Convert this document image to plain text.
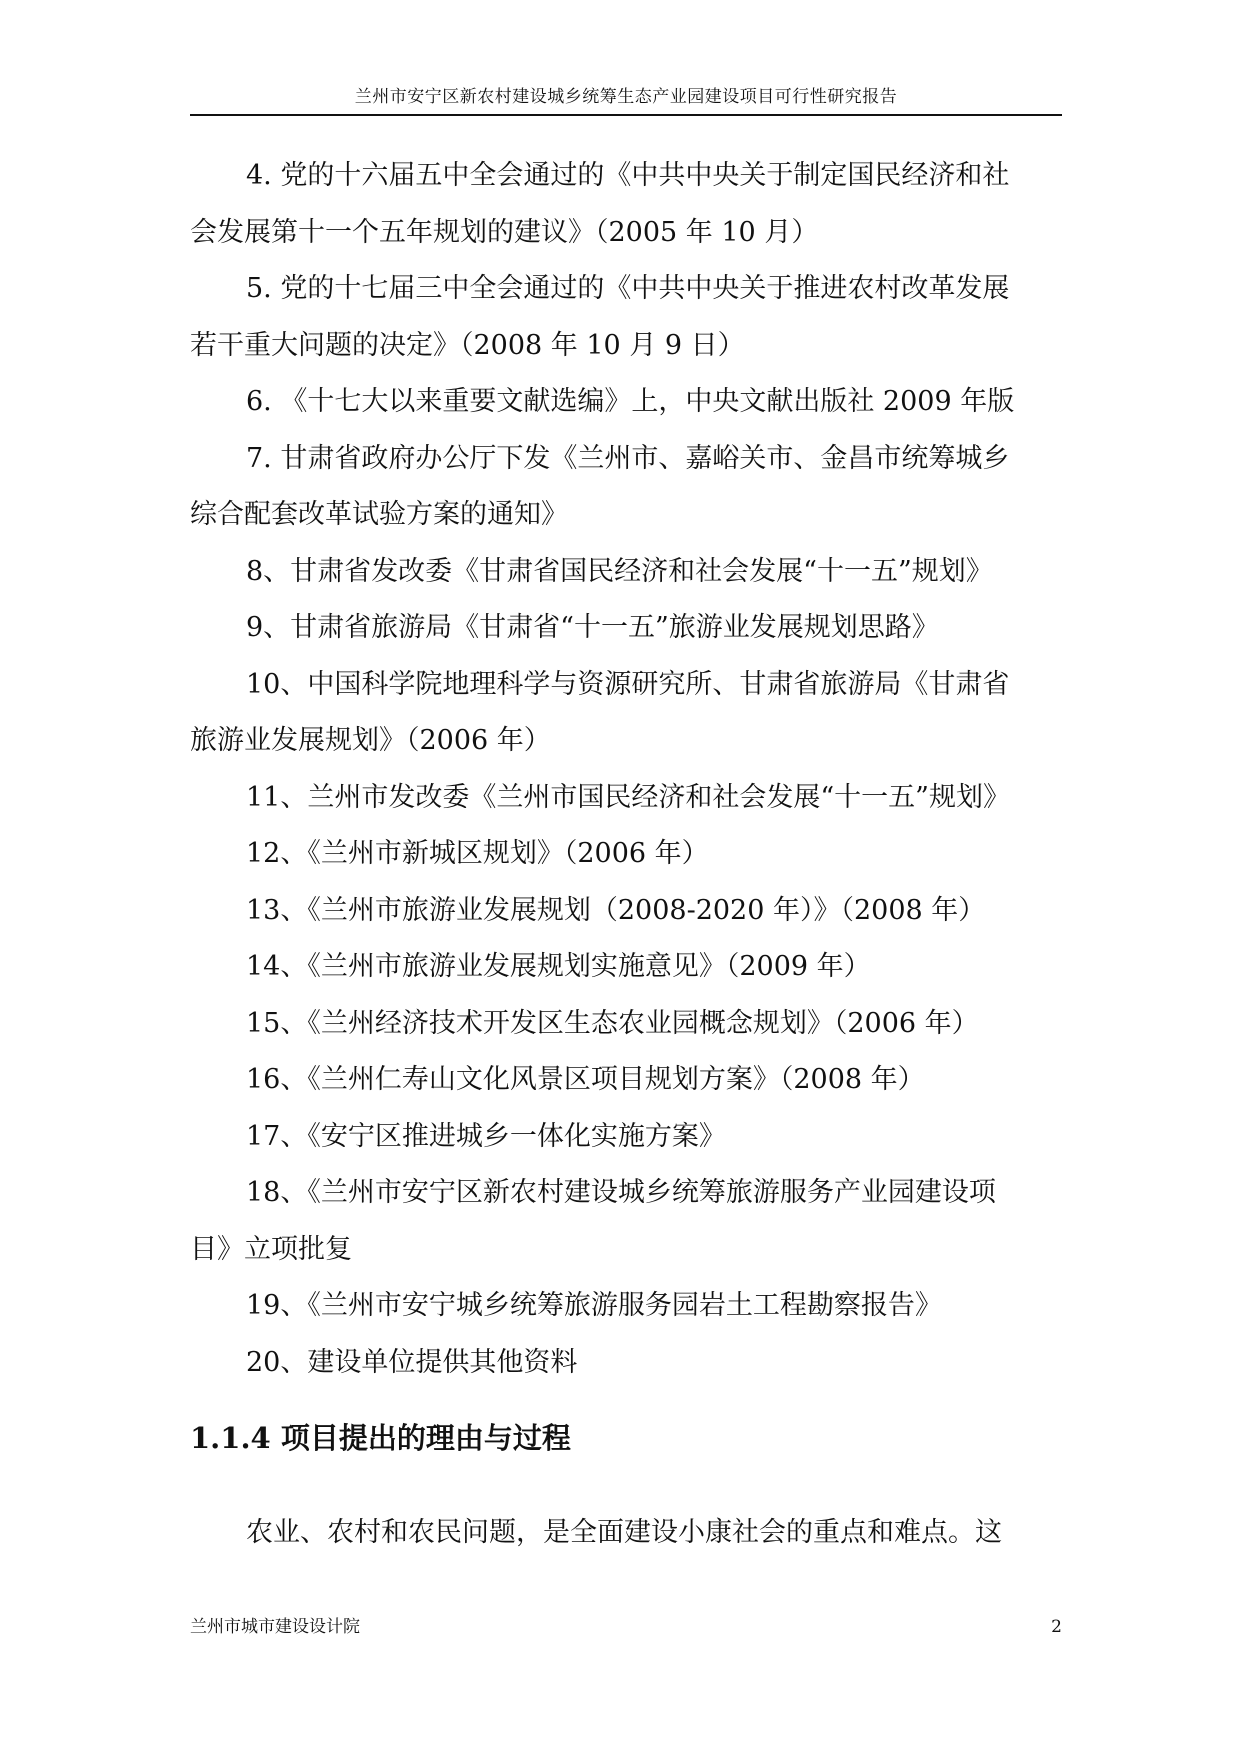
兰州市安宁区新农村建设城乡统筹生态产业园建设项目可行性研究报告

4. 党的十六届五中全会通过的《中共中央关于制定国民经济和社

会发展第十一个五年规划的建议》（2005 年 10 月）

5. 党的十七届三中全会通过的《中共中央关于推进农村改革发展

若干重大问题的决定》（2008 年 10 月 9 日）

6. 《十七大以来重要文献选编》上，中央文献出版社 2009 年版

7. 甘肃省政府办公厅下发《兰州市、嘉峪关市、金昌市统筹城乡

综合配套改革试验方案的通知》

8、甘肃省发改委《甘肃省国民经济和社会发展“十一五”规划》

9、甘肃省旅游局《甘肃省“十一五”旅游业发展规划思路》

10、中国科学院地理科学与资源研究所、甘肃省旅游局《甘肃省

旅游业发展规划》（2006 年）

11、兰州市发改委《兰州市国民经济和社会发展“十一五”规划》

12、《兰州市新城区规划》（2006 年）

13、《兰州市旅游业发展规划（2008-2020 年）》（2008 年）

14、《兰州市旅游业发展规划实施意见》（2009 年）

15、《兰州经济技术开发区生态农业园概念规划》（2006 年）

16、《兰州仁寿山文化风景区项目规划方案》（2008 年）

17、《安宁区推进城乡一体化实施方案》

18、《兰州市安宁区新农村建设城乡统筹旅游服务产业园建设项

目》立项批复

19、《兰州市安宁城乡统筹旅游服务园岩土工程勘察报告》

20、建设单位提供其他资料

1.1.4 项目提出的理由与过程

农业、农村和农民问题，是全面建设小康社会的重点和难点。这

兰州市城市建设设计院	2
